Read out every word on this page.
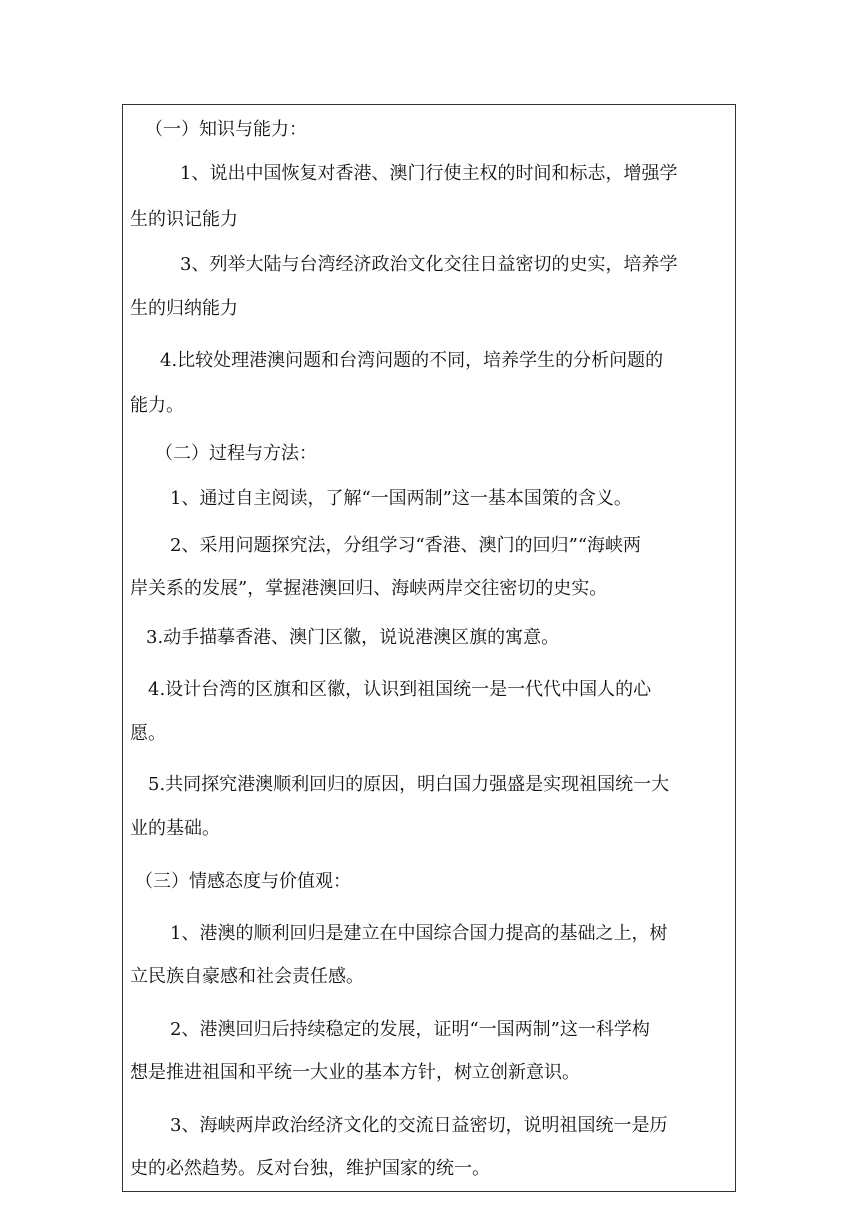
（一）知识与能力：
1、说出中国恢复对香港、澳门行使主权的时间和标志，增强学
生的识记能力
3、列举大陆与台湾经济政治文化交往日益密切的史实，培养学
生的归纳能力
4.比较处理港澳问题和台湾问题的不同，培养学生的分析问题的
能力。
（二）过程与方法：
1、通过自主阅读，了解“一国两制”这一基本国策的含义。
2、采用问题探究法，分组学习“香港、澳门的回归”“海峡两
岸关系的发展”，掌握港澳回归、海峡两岸交往密切的史实。
3.动手描摹香港、澳门区徽，说说港澳区旗的寓意。
4.设计台湾的区旗和区徽，认识到祖国统一是一代代中国人的心
愿。
5.共同探究港澳顺利回归的原因，明白国力强盛是实现祖国统一大
业的基础。
（三）情感态度与价值观：
1、港澳的顺利回归是建立在中国综合国力提高的基础之上，树
立民族自豪感和社会责任感。
2、港澳回归后持续稳定的发展，证明“一国两制”这一科学构
想是推进祖国和平统一大业的基本方针，树立创新意识。
3、海峡两岸政治经济文化的交流日益密切，说明祖国统一是历
史的必然趋势。反对台独，维护国家的统一。
